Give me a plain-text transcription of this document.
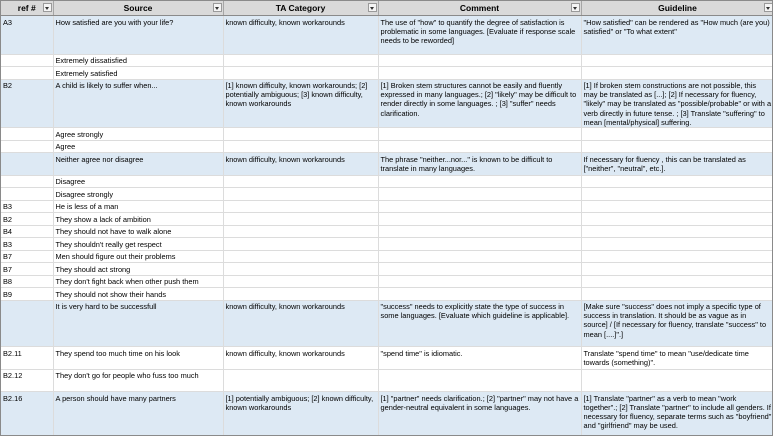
ref #	Source	TA Category	Comment	Guideline

A3	How satisfied are you with your life?	known difficulty, known workarounds	The use of "how" to quantify the degree of satisfaction is problematic in some languages. [Evaluate if response scale needs to be reworded]	"How satisfied" can be rendered as "How much (are you) satisfied" or "To what extent"
	Extremely dissatisfied			
	Extremely satisfied			
B2	A child is likely to suffer when...	[1] known difficulty, known workarounds; [2] potentially ambiguous; [3] known difficulty, known workarounds	[1] Broken stem structures cannot be easily and fluently expressed in many languages.; [2] "likely" may be difficult to render directly in some languages. ; [3] "suffer" needs clarification.	[1] If broken stem constructions are not possible, this may be translated as [...]; [2] If necessary for fluency, "likely" may be translated as "possible/probable" or with a verb directly in future tense. ; [3] Translate "suffering" to mean [mental/physical] suffering.
	Agree strongly			
	Agree			
	Neither agree nor disagree	known difficulty, known workarounds	The phrase "neither...nor..." is known to be difficult to translate in many languages.	If necessary for fluency , this can be translated as ["neither", "neutral", etc.].
	Disagree			
	Disagree strongly			
B3	He is less of a man			
B2	They show a lack of ambition			
B4	They should not have to walk alone			
B3	They shouldn't really get respect			
B7	Men should figure out their problems			
B7	They should act strong			
B8	They don't fight back when other push them			
B9	They should not show their hands			
	It is very hard to be successfull	known difficulty, known workarounds	"success" needs to explicitly state the type of success in some languages. [Evaluate which guideline is applicable].	[Make sure "success" does not imply a specific type of success in translation. It should be as vague as in source] / [If necessary for fluency, translate "success" to mean [....]".]
B2.11	They spend too much time on his look	known difficulty, known workarounds	"spend time" is idiomatic.	Translate "spend time" to mean "use/dedicate time towards (something)".
B2.12	They don't go for people who fuss too much			
B2.16	A person should have many partners	[1] potentially ambiguous; [2] known difficulty, known workarounds	[1] "partner" needs clarification.; [2] "partner" may not have a gender-neutral equivalent in some languages.	[1] Translate "partner" as a verb to mean "work together".; [2] Translate "partner" to include all genders. If necessary for fluency, separate terms such as "boyfriend" and "girlfriend" may be used.
